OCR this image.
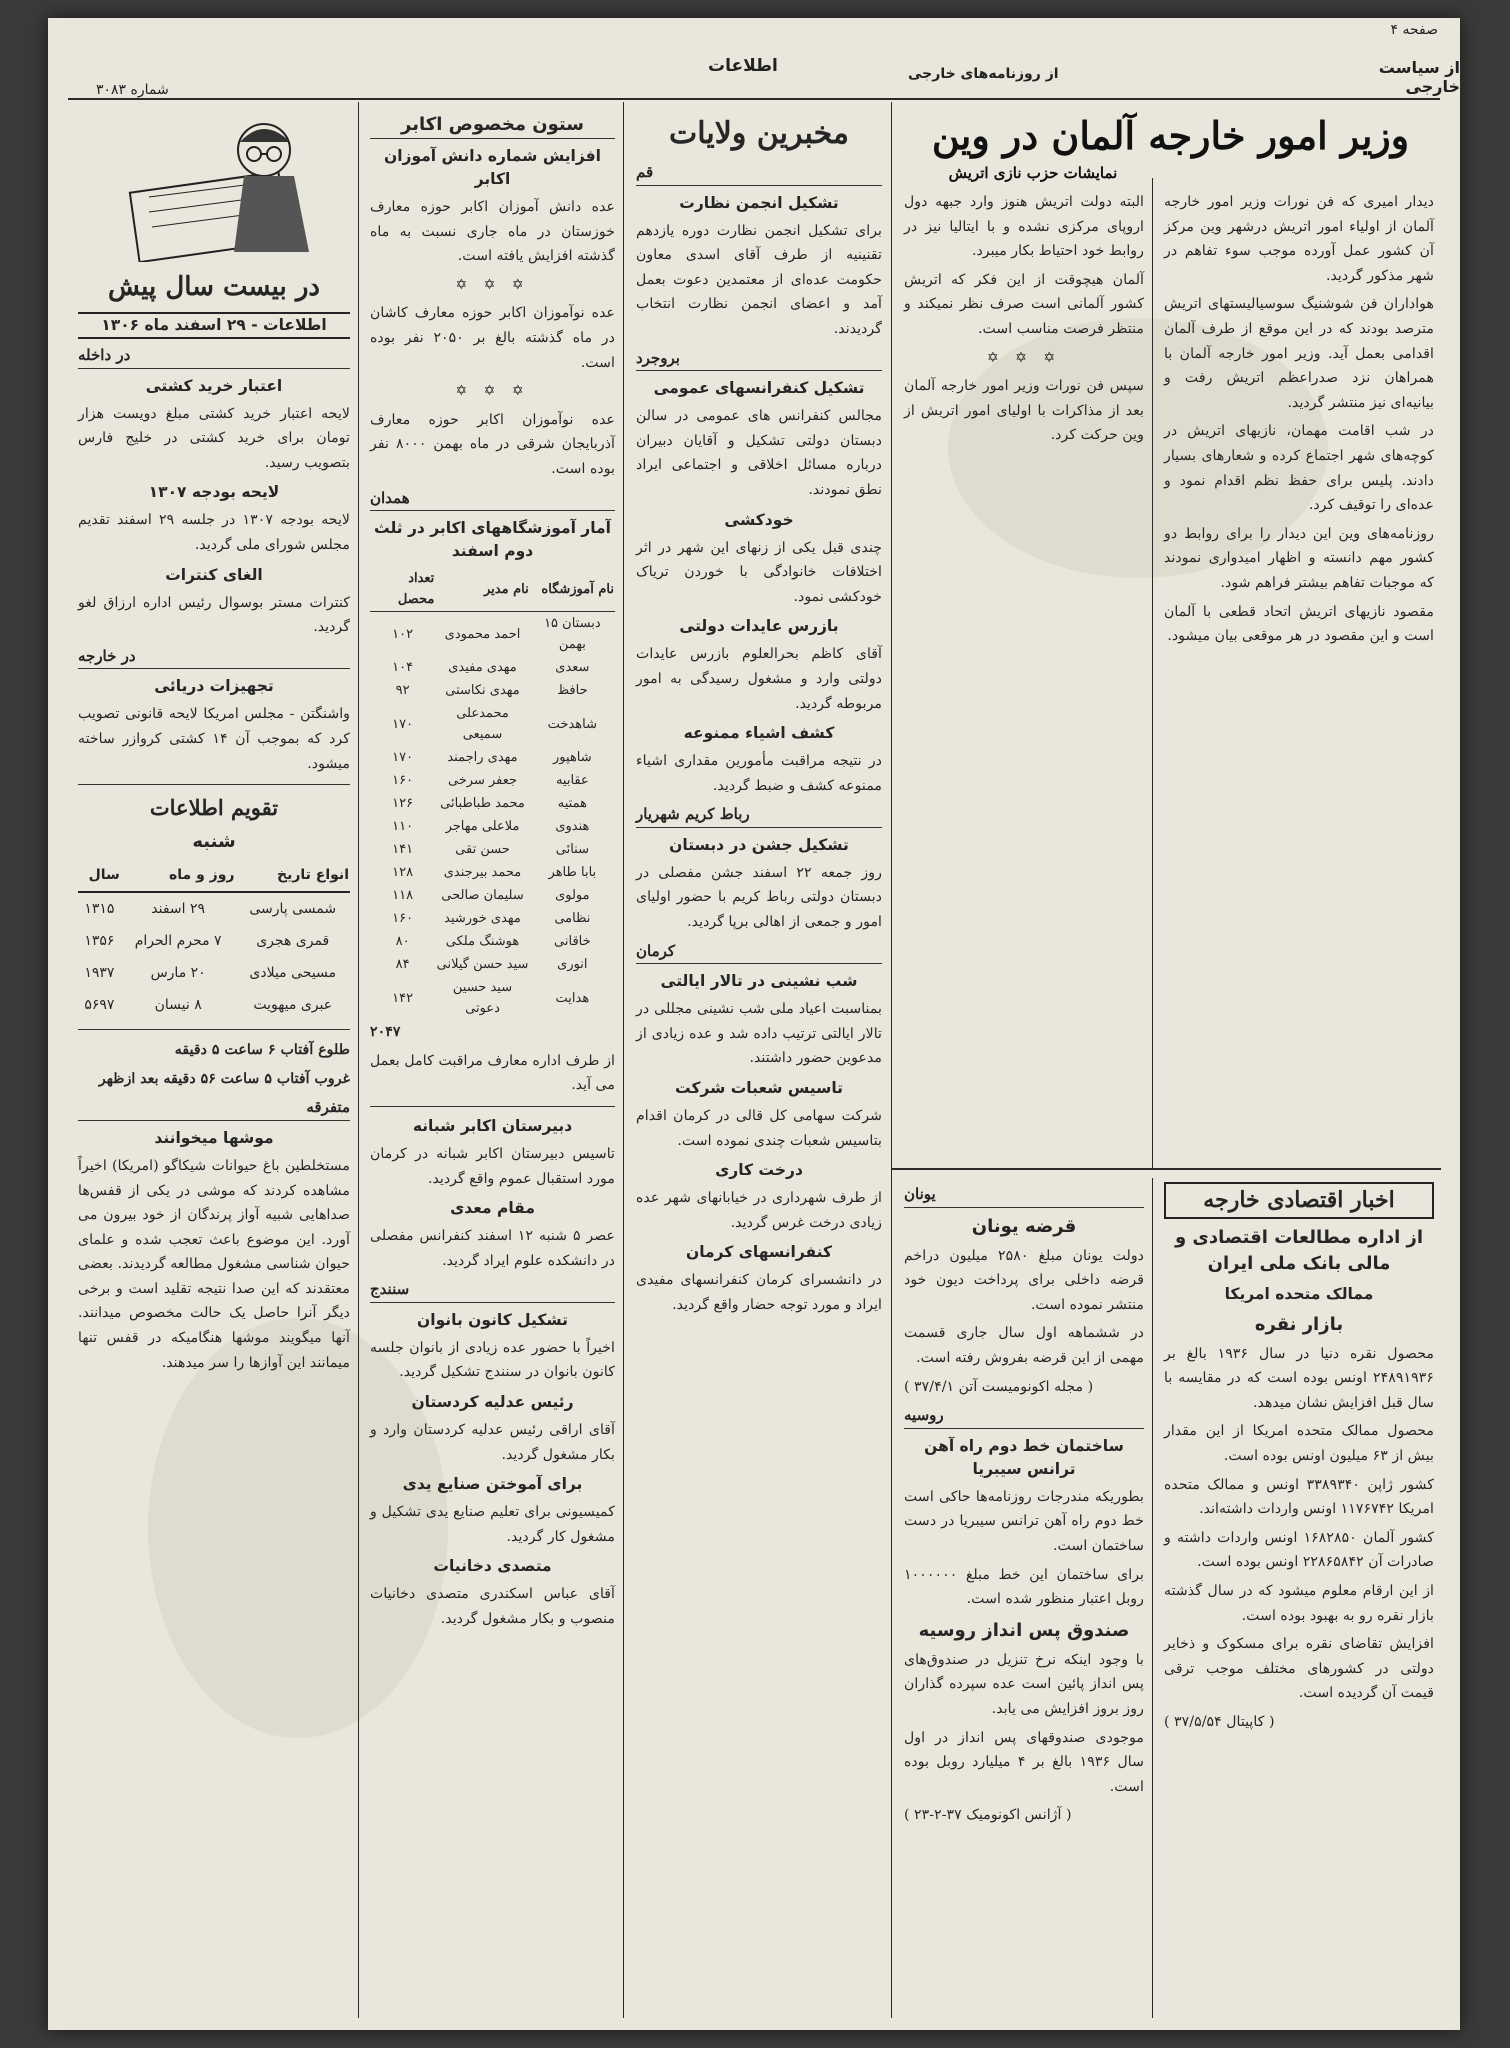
صفحه ۴
اطلاعات
شماره ۳۰۸۳
از روزنامه‌های خارجی	از سیاست خارجی
وزیر امور خارجه آلمان در وین
نمایشات حزب نازی اتریش

دیدار امیری که فن نورات وزیر امور خارجه آلمان از اولیاء امور اتریش درشهر وین مرکز آن کشور عمل آورده موجب سوء تفاهم در شهر مذکور گردید.

هواداران فن شوشنیگ سوسیالیستهای اتریش مترصد بودند که در این موقع از طرف آلمان اقدامی بعمل آید. وزیر امور خارجه آلمان با همراهان نزد صدراعظم اتریش رفت و بیانیه‌ای نیز منتشر گردید.

در شب اقامت مهمان، نازیهای اتریش در کوچه‌های شهر اجتماع کرده و شعارهای بسیار دادند. پلیس برای حفظ نظم اقدام نمود و عده‌ای را توقیف کرد.

روزنامه‌های وین این دیدار را برای روابط دو کشور مهم دانسته و اظهار امیدواری نمودند که موجبات تفاهم بیشتر فراهم شود.

مقصود نازیهای اتریش اتحاد قطعی با آلمان است و این مقصود در هر موقعی بیان میشود.

البته دولت اتریش هنوز وارد جبهه دول اروپای مرکزی نشده و با ایتالیا نیز در روابط خود احتیاط بکار میبرد.

آلمان هیچوقت از این فکر که اتریش کشور آلمانی است صرف نظر نمیکند و منتظر فرصت مناسب است.

✡ ✡ ✡

سپس فن نورات وزیر امور خارجه آلمان بعد از مذاکرات با اولیای امور اتریش از وین حرکت کرد.

اخبار اقتصادی خارجه
از اداره مطالعات اقتصادی و مالی بانک ملی ایران
ممالک متحده امریکا
بازار نقره

محصول نقره دنیا در سال ۱۹۳۶ بالغ بر ۲۴۸۹۱۹۳۶ اونس بوده است که در مقایسه با سال قبل افزایش نشان میدهد.

محصول ممالک متحده امریکا از این مقدار بیش از ۶۳ میلیون اونس بوده است.

کشور ژاپن ۳۳۸۹۳۴۰ اونس و ممالک متحده امریکا ۱۱۷۶۷۴۲ اونس واردات داشته‌اند.

کشور آلمان ۱۶۸۲۸۵۰ اونس واردات داشته و صادرات آن ۲۲۸۶۵۸۴۲ اونس بوده است.

از این ارقام معلوم میشود که در سال گذشته بازار نقره رو به بهبود بوده است.

افزایش تقاضای نقره برای مسکوک و ذخایر دولتی در کشورهای مختلف موجب ترقی قیمت آن گردیده است.

( کاپیتال ۳۷/۵/۵۴ )

یونان
قرضه یونان

دولت یونان مبلغ ۲۵۸۰ میلیون دراخم قرضه داخلی برای پرداخت دیون خود منتشر نموده است.

در ششماهه اول سال جاری قسمت مهمی از این قرضه بفروش رفته است.

( مجله اکونومیست آتن ۳۷/۴/۱ )

روسیه
ساختمان خط دوم راه آهن ترانس سیبریا

بطوریکه مندرجات روزنامه‌ها حاکی است خط دوم راه آهن ترانس سیبریا در دست ساختمان است.

برای ساختمان این خط مبلغ ۱۰۰۰۰۰۰ روبل اعتبار منظور شده است.

صندوق پس انداز روسیه

با وجود اینکه نرخ تنزیل در صندوق‌های پس انداز پائین است عده سپرده گذاران روز بروز افزایش می یابد.

موجودی صندوقهای پس انداز در اول سال ۱۹۳۶ بالغ بر ۴ میلیارد روبل بوده است.

( آژانس اکونومیک ۳۷-۲-۲۳ )

مخبرین ولایات
قم
تشکیل انجمن نظارت

برای تشکیل انجمن نظارت دوره یازدهم تقنینیه از طرف آقای اسدی معاون حکومت عده‌ای از معتمدین دعوت بعمل آمد و اعضای انجمن نظارت انتخاب گردیدند.

بروجرد
تشکیل کنفرانسهای عمومی

مجالس کنفرانس های عمومی در سالن دبستان دولتی تشکیل و آقایان دبیران درباره مسائل اخلاقی و اجتماعی ایراد نطق نمودند.

خودکشی

چندی قبل یکی از زنهای این شهر در اثر اختلافات خانوادگی با خوردن تریاک خودکشی نمود.

بازرس عایدات دولتی

آقای کاظم بحرالعلوم بازرس عایدات دولتی وارد و مشغول رسیدگی به امور مربوطه گردید.

کشف اشیاء ممنوعه

در نتیجه مراقبت مأمورین مقداری اشیاء ممنوعه کشف و ضبط گردید.

رباط کریم شهریار
تشکیل جشن در دبستان

روز جمعه ۲۲ اسفند جشن مفصلی در دبستان دولتی رباط کریم با حضور اولیای امور و جمعی از اهالی برپا گردید.

کرمان
شب نشینی در تالار ایالتی

بمناسبت اعیاد ملی شب نشینی مجللی در تالار ایالتی ترتیب داده شد و عده زیادی از مدعوین حضور داشتند.

تاسیس شعبات شرکت

شرکت سهامی کل قالی در کرمان اقدام بتاسیس شعبات چندی نموده است.

درخت کاری

از طرف شهرداری در خیابانهای شهر عده زیادی درخت غرس گردید.

کنفرانسهای کرمان

در دانشسرای کرمان کنفرانسهای مفیدی ایراد و مورد توجه حضار واقع گردید.

ستون مخصوص اکابر
افزایش شماره دانش آموزان اکابر

عده دانش آموزان اکابر حوزه معارف خوزستان در ماه جاری نسبت به ماه گذشته افزایش یافته است.

✡ ✡ ✡

عده نوآموزان اکابر حوزه معارف کاشان در ماه گذشته بالغ بر ۲۰۵۰ نفر بوده است.

✡ ✡ ✡

عده نوآموزان اکابر حوزه معارف آذربایجان شرقی در ماه بهمن ۸۰۰۰ نفر بوده است.

همدان
آمار آموزشگاههای اکابر در ثلث دوم اسفند
نام آموزشگاه	نام مدیر	تعداد محصل
دبستان ۱۵ بهمن	احمد محمودی	۱۰۲
سعدی	مهدی مفیدی	۱۰۴
حافظ	مهدی نکاستی	۹۲
شاهدخت	محمدعلی سمیعی	۱۷۰
شاهپور	مهدی راجمند	۱۷۰
عقابیه	جعفر سرخی	۱۶۰
همتیه	محمد طباطبائی	۱۲۶
هندوی	ملاعلی مهاجر	۱۱۰
سنائی	حسن تقی	۱۴۱
بابا طاهر	محمد بیرجندی	۱۲۸
مولوی	سلیمان صالحی	۱۱۸
نظامی	مهدی خورشید	۱۶۰
خاقانی	هوشنگ ملکی	۸۰
انوری	سید حسن گیلانی	۸۴
هدایت	سید حسین دعوتی	۱۴۲

۲۰۴۷

از طرف اداره معارف مراقبت کامل بعمل می آید.

دبیرستان اکابر شبانه

تاسیس دبیرستان اکابر شبانه در کرمان مورد استقبال عموم واقع گردید.

مقام معدی

عصر ۵ شنبه ۱۲ اسفند کنفرانس مفصلی در دانشکده علوم ایراد گردید.

سنندج
تشکیل کانون بانوان

اخیراً با حضور عده زیادی از بانوان جلسه کانون بانوان در سنندج تشکیل گردید.

رئیس عدلیه کردستان

آقای اراقی رئیس عدلیه کردستان وارد و بکار مشغول گردید.

برای آموختن صنایع یدی

کمیسیونی برای تعلیم صنایع یدی تشکیل و مشغول کار گردید.

متصدی دخانیات

آقای عباس اسکندری متصدی دخانیات منصوب و بکار مشغول گردید.

در بیست سال پیش
اطلاعات - ۲۹ اسفند ماه ۱۳۰۶
در داخله
اعتبار خرید کشتی

لایحه اعتبار خرید کشتی مبلغ دویست هزار تومان برای خرید کشتی در خلیج فارس بتصویب رسید.

لایحه بودجه ۱۳۰۷

لایحه بودجه ۱۳۰۷ در جلسه ۲۹ اسفند تقدیم مجلس شورای ملی گردید.

الغای کنترات

کنترات مستر بوسوال رئیس اداره ارزاق لغو گردید.

در خارجه
تجهیزات دریائی

واشنگتن - مجلس امریکا لایحه قانونی تصویب کرد که بموجب آن ۱۴ کشتی کروازر ساخته میشود.

تقویم اطلاعات
شنبه
انواع تاریخ	روز و ماه	سال
شمسی پارسی	۲۹ اسفند	۱۳۱۵
قمری هجری	۷ محرم الحرام	۱۳۵۶
مسیحی میلادی	۲۰ مارس	۱۹۳۷
عبری میهویت	۸ نیسان	۵۶۹۷

طلوع آفتاب ۶ ساعت ۵ دقیقه

غروب آفتاب ۵ ساعت ۵۶ دقیقه بعد ازظهر

متفرقه
موشها میخوانند

مستخلطین باغ حیوانات شیکاگو (امریکا) اخیراً مشاهده کردند که موشی در یکی از قفس‌ها صداهایی شبیه آواز پرندگان از خود بیرون می آورد. این موضوع باعث تعجب شده و علمای حیوان شناسی مشغول مطالعه گردیدند. بعضی معتقدند که این صدا نتیجه تقلید است و برخی دیگر آنرا حاصل یک حالت مخصوص میدانند. آنها میگویند موشها هنگامیکه در قفس تنها میمانند این آوازها را سر میدهند.
